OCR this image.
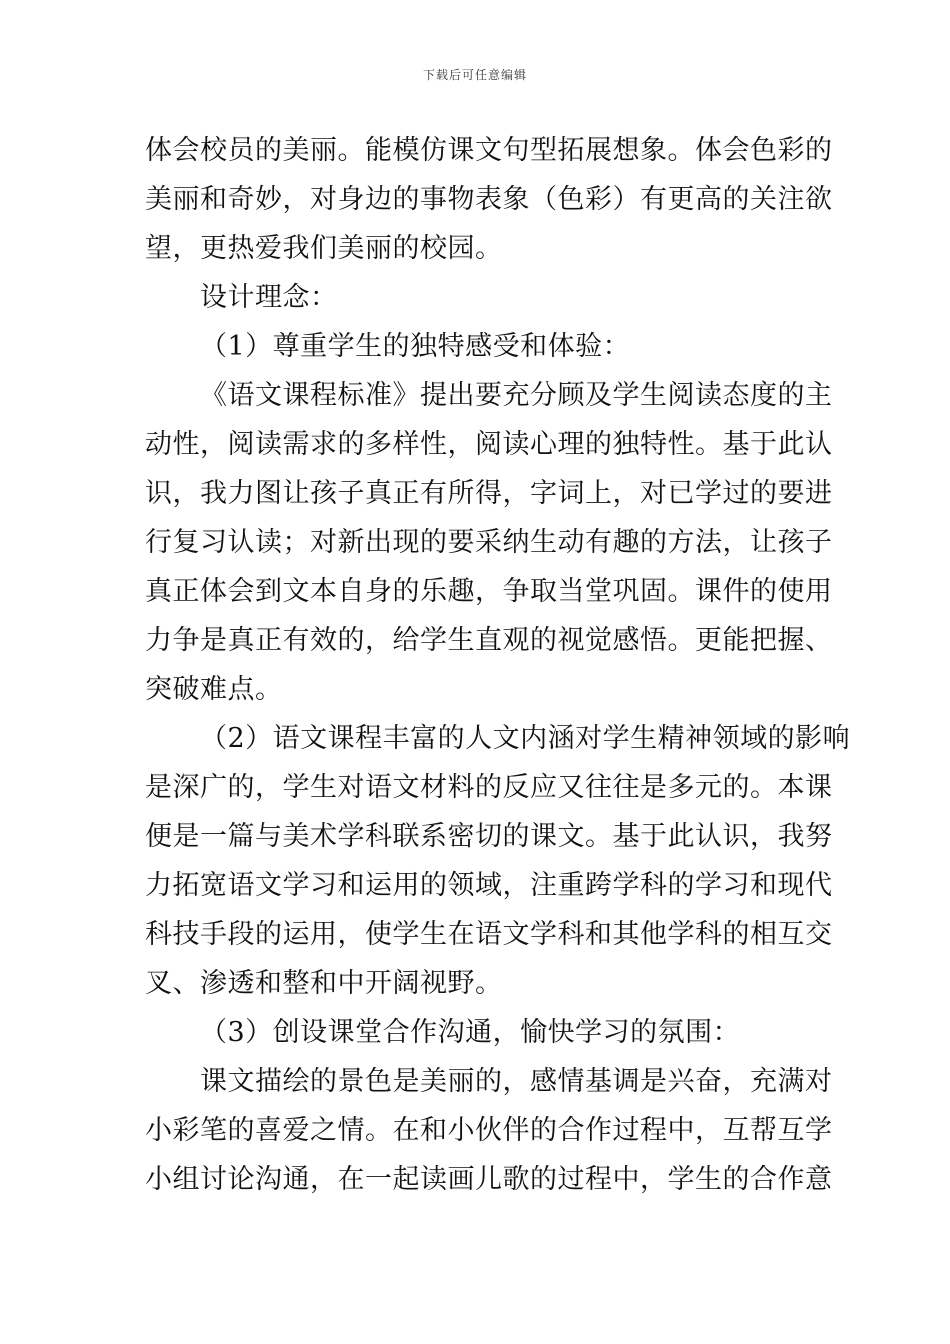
下载后可任意编辑
体会校员的美丽。能模仿课文句型拓展想象。体会色彩的
美丽和奇妙，对身边的事物表象（色彩）有更高的关注欲
望，更热爱我们美丽的校园。
设计理念：
（1）尊重学生的独特感受和体验：
《语文课程标准》提出要充分顾及学生阅读态度的主
动性，阅读需求的多样性，阅读心理的独特性。基于此认
识，我力图让孩子真正有所得，字词上，对已学过的要进
行复习认读；对新出现的要采纳生动有趣的方法，让孩子
真正体会到文本自身的乐趣，争取当堂巩固。课件的使用
力争是真正有效的，给学生直观的视觉感悟。更能把握、
突破难点。
（2）语文课程丰富的人文内涵对学生精神领域的影响
是深广的，学生对语文材料的反应又往往是多元的。本课
便是一篇与美术学科联系密切的课文。基于此认识，我努
力拓宽语文学习和运用的领域，注重跨学科的学习和现代
科技手段的运用，使学生在语文学科和其他学科的相互交
叉、渗透和整和中开阔视野。
（3）创设课堂合作沟通，愉快学习的氛围：
课文描绘的景色是美丽的，感情基调是兴奋，充满对
小彩笔的喜爱之情。在和小伙伴的合作过程中，互帮互学
小组讨论沟通，在一起读画儿歌的过程中，学生的合作意
